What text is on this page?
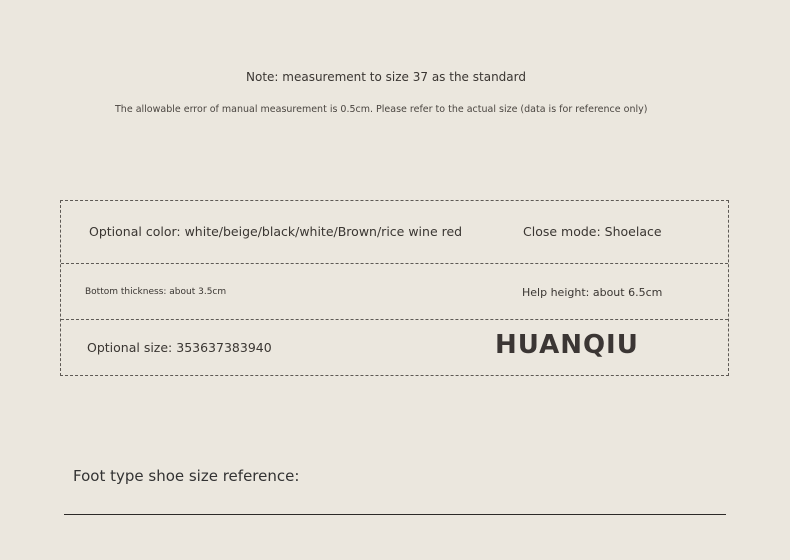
Note: measurement to size 37 as the standard
The allowable error of manual measurement is 0.5cm. Please refer to the actual size (data is for reference only)
Optional color: white/beige/black/white/Brown/rice wine red	Close mode: Shoelace
Bottom thickness: about 3.5cm	Help height: about 6.5cm
Optional size: 353637383940	HUANQIU
Foot type shoe size reference:
